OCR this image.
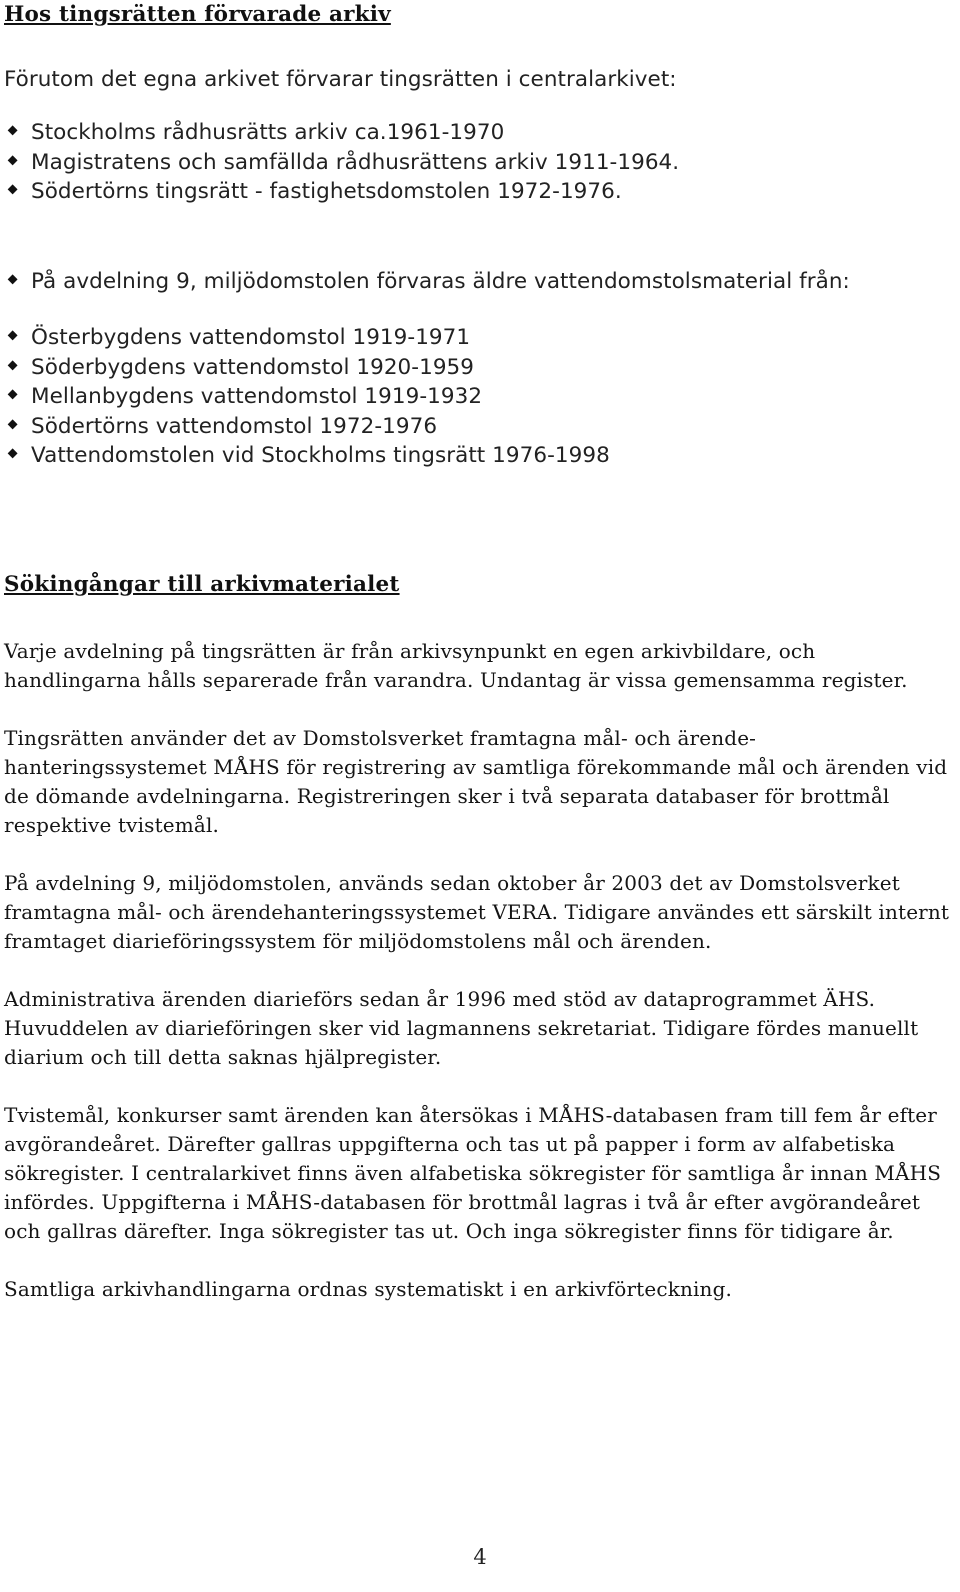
Hos tingsrätten förvarade arkiv
Förutom det egna arkivet förvarar tingsrätten i centralarkivet:
Stockholms rådhusrätts arkiv ca.1961-1970
Magistratens och samfällda rådhusrättens arkiv 1911-1964.
Södertörns tingsrätt - fastighetsdomstolen 1972-1976.
På avdelning 9, miljödomstolen förvaras äldre vattendomstolsmaterial från:
Österbygdens vattendomstol 1919-1971
Söderbygdens vattendomstol 1920-1959
Mellanbygdens vattendomstol 1919-1932
Södertörns vattendomstol 1972-1976
Vattendomstolen vid Stockholms tingsrätt 1976-1998
Sökingångar till arkivmaterialet

Varje avdelning på tingsrätten är från arkivsynpunkt en egen arkivbildare, och handlingarna hålls separerade från varandra. Undantag är vissa gemensamma register.

Tingsrätten använder det av Domstolsverket framtagna mål- och ärende-hanteringssystemet MÅHS för registrering av samtliga förekommande mål och ärenden vid de dömande avdelningarna. Registreringen sker i två separata databaser för brottmål respektive tvistemål.

På avdelning 9, miljödomstolen, används sedan oktober år 2003 det av Domstolsverket framtagna mål- och ärendehanteringssystemet VERA. Tidigare användes ett särskilt internt framtaget diarieföringssystem för miljödomstolens mål och ärenden.

Administrativa ärenden diarieförs sedan år 1996 med stöd av dataprogrammet ÄHS. Huvuddelen av diarieföringen sker vid lagmannens sekretariat. Tidigare fördes manuellt diarium och till detta saknas hjälpregister.

Tvistemål, konkurser samt ärenden kan återsökas i MÅHS-databasen fram till fem år efter avgörandeåret. Därefter gallras uppgifterna och tas ut på papper i form av alfabetiska sökregister. I centralarkivet finns även alfabetiska sökregister för samtliga år innan MÅHS infördes. Uppgifterna i MÅHS-databasen för brottmål lagras i två år efter avgörandeåret och gallras därefter. Inga sökregister tas ut. Och inga sökregister finns för tidigare år.

Samtliga arkivhandlingarna ordnas systematiskt i en arkivförteckning.

4
